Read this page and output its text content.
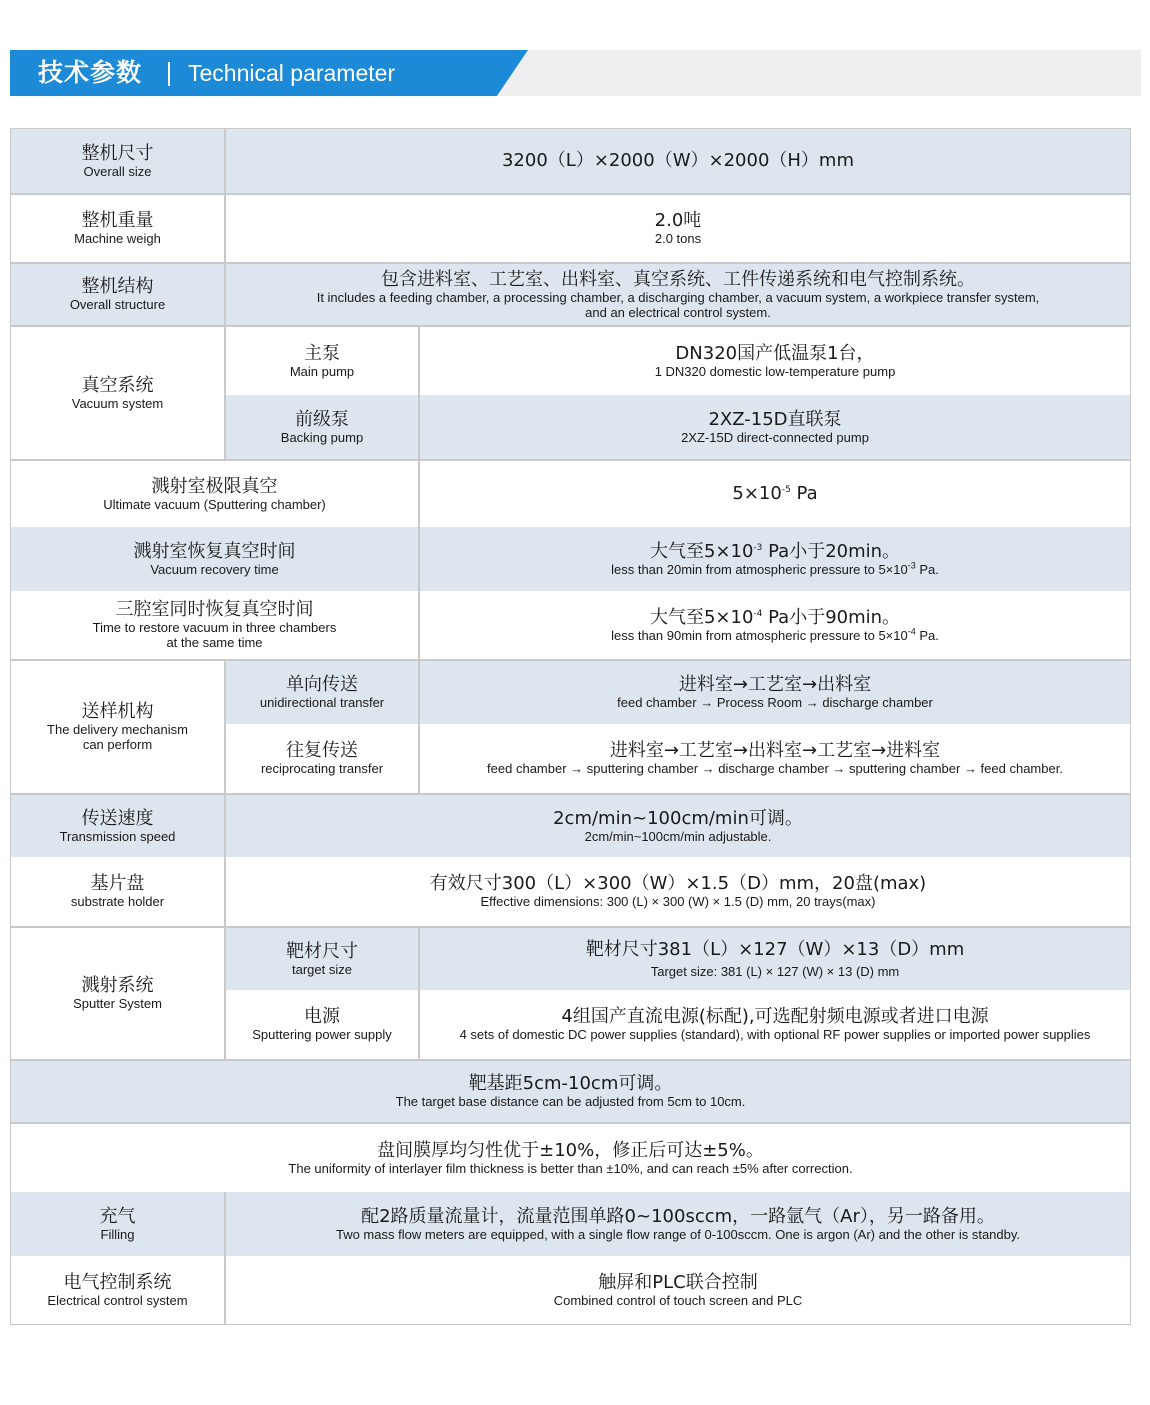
技术参数 Technical parameter
整机尺寸
Overall size	3200（L）×2000（W）×2000（H）mm
整机重量
Machine weigh
2.0吨
2.0 tons
整机结构
Overall structure
包含进料室、工艺室、出料室、真空系统、工件传递系统和电气控制系统。
It includes a feeding chamber, a processing chamber, a discharging chamber, a vacuum system, a workpiece transfer system,
and an electrical control system.
真空系统
Vacuum system
主泵
Main pump
DN320国产低温泵1台，
1 DN320 domestic low-temperature pump
前级泵
Backing pump
2XZ-15D直联泵
2XZ-15D direct-connected pump
溅射室极限真空
Ultimate vacuum (Sputtering chamber)	$5\times 10^{-5}$ Pa
溅射室恢复真空时间
Vacuum recovery time
大气至$5\times 10^{-3}$ Pa小于20min。
less than 20min from atmospheric pressure to $5\times 10^{-3}$ Pa.
三腔室同时恢复真空时间
Time to restore vacuum in three chambers
at the same time
大气至$5\times 10^{-4}$ Pa小于90min。
less than 90min from atmospheric pressure to $5\times 10^{-4}$ Pa.
送样机构
The delivery mechanism
can perform
单向传送
unidirectional transfer
进料室→工艺室→出料室
feed chamber → Process Room → discharge chamber
往复传送
reciprocating transfer
进料室→工艺室→出料室→工艺室→进料室
feed chamber → sputtering chamber → discharge chamber → sputtering chamber → feed chamber.
传送速度
Transmission speed
2cm/min~100cm/min可调。
2cm/min~100cm/min adjustable.
基片盘
substrate holder
有效尺寸300（L）×300（W）×1.5（D）mm，20盘(max)
Effective dimensions: 300 (L) × 300 (W) × 1.5 (D) mm, 20 trays(max)
溅射系统
Sputter System
靶材尺寸
target size
靶材尺寸381（L）×127（W）×13（D）mm
Target size: 381 (L) × 127 (W) × 13 (D) mm
电源
Sputtering power supply
4组国产直流电源(标配),可选配射频电源或者进口电源
4 sets of domestic DC power supplies (standard), with optional RF power supplies or imported power supplies
靶基距5cm-10cm可调。
The target base distance can be adjusted from 5cm to 10cm.
盘间膜厚均匀性优于±10%，修正后可达±5%。
The uniformity of interlayer film thickness is better than ±10%, and can reach ±5% after correction.
充气
Filling
配2路质量流量计，流量范围单路0~100sccm，一路氩气（Ar），另一路备用。
Two mass flow meters are equipped, with a single flow range of 0-100sccm. One is argon (Ar) and the other is standby.
电气控制系统
Electrical control system
触屏和PLC联合控制
Combined control of touch screen and PLC
